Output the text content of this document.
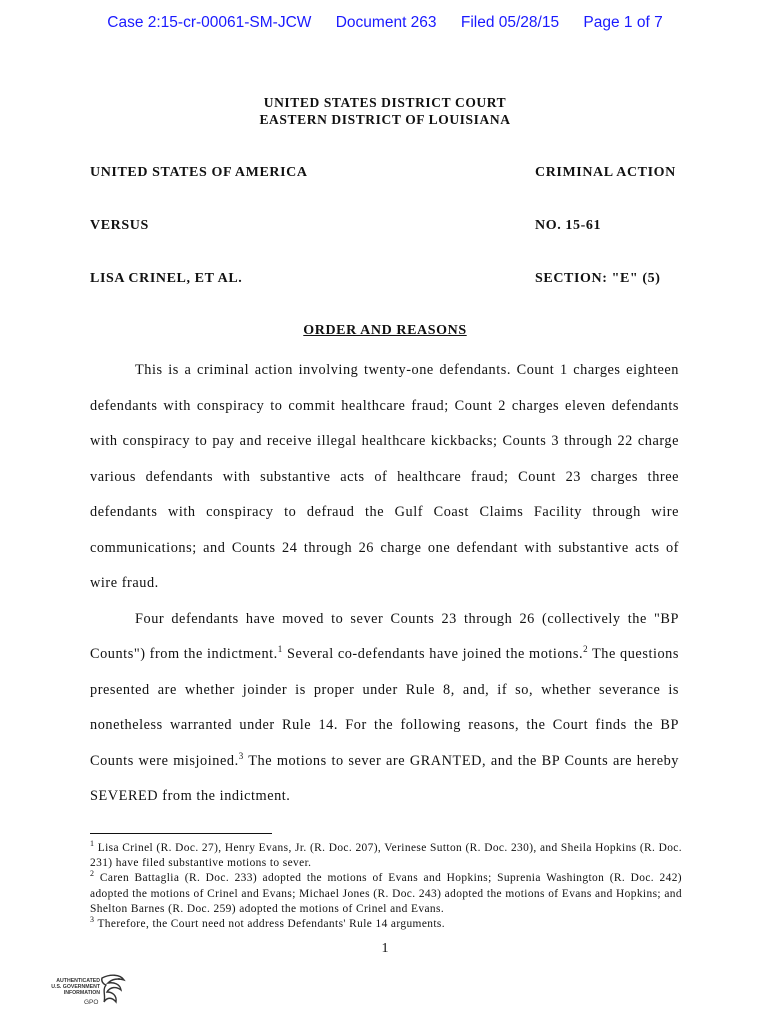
Case 2:15-cr-00061-SM-JCW Document 263 Filed 05/28/15 Page 1 of 7
UNITED STATES DISTRICT COURT
EASTERN DISTRICT OF LOUISIANA
UNITED STATES OF AMERICA	CRIMINAL ACTION
VERSUS	NO. 15-61
LISA CRINEL, ET AL.	SECTION: "E" (5)
ORDER AND REASONS

This is a criminal action involving twenty-one defendants. Count 1 charges eighteen defendants with conspiracy to commit healthcare fraud; Count 2 charges eleven defendants with conspiracy to pay and receive illegal healthcare kickbacks; Counts 3 through 22 charge various defendants with substantive acts of healthcare fraud; Count 23 charges three defendants with conspiracy to defraud the Gulf Coast Claims Facility through wire communications; and Counts 24 through 26 charge one defendant with substantive acts of wire fraud.

Four defendants have moved to sever Counts 23 through 26 (collectively the "BP Counts") from the indictment.$^1$ Several co-defendants have joined the motions.$^2$ The questions presented are whether joinder is proper under Rule 8, and, if so, whether severance is nonetheless warranted under Rule 14. For the following reasons, the Court finds the BP Counts were misjoined.$^3$ The motions to sever are GRANTED, and the BP Counts are hereby SEVERED from the indictment.

$^1$ Lisa Crinel (R. Doc. 27), Henry Evans, Jr. (R. Doc. 207), Verinese Sutton (R. Doc. 230), and Sheila Hopkins (R. Doc. 231) have filed substantive motions to sever.

$^2$ Caren Battaglia (R. Doc. 233) adopted the motions of Evans and Hopkins; Suprenia Washington (R. Doc. 242) adopted the motions of Crinel and Evans; Michael Jones (R. Doc. 243) adopted the motions of Evans and Hopkins; and Shelton Barnes (R. Doc. 259) adopted the motions of Crinel and Evans.

$^3$ Therefore, the Court need not address Defendants' Rule 14 arguments.

1
AUTHENTICATED
U.S. GOVERNMENT
INFORMATION
GPO
